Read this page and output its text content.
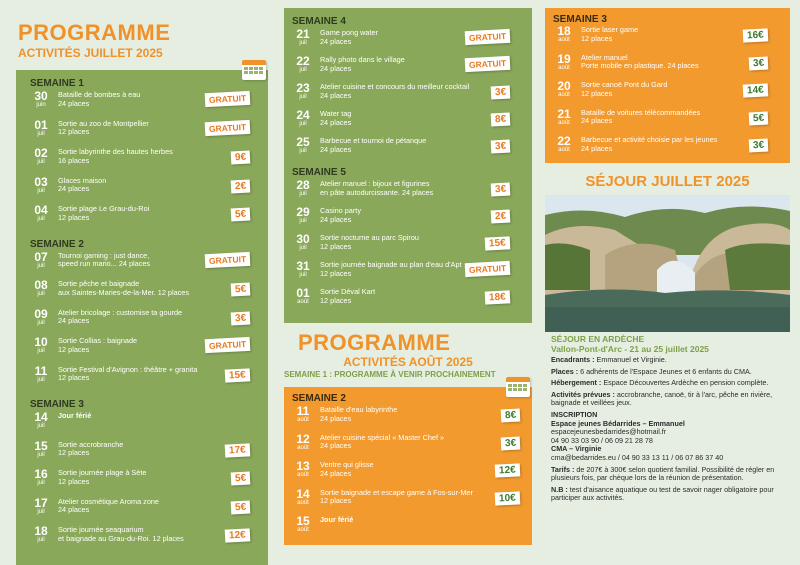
PROGRAMME
ACTIVITÉS JUILLET 2025
SEMAINE 1
30
juin
Bataille de bombes à eau
24 places	GRATUIT
01
juil
Sortie au zoo de Montpellier
12 places	GRATUIT
02
juil
Sortie labyrinthe des hautes herbes
16 places	9€
03
juil
Glaces maison
24 places	2€
04
juil
Sortie plage Le Grau-du-Roi
12 places	5€
SEMAINE 2
07
juil
Tournoi gaming : just dance,
speed run mario... 24 places	GRATUIT
08
juil
Sortie pêche et baignade
aux Saintes-Maries-de-la-Mer. 12 places	5€
09
juil
Atelier bricolage : customise ta gourde
24 places	3€
10
juil
Sortie Collias : baignade
12 places	GRATUIT
11
juil
Sortie Festival d'Avignon : théâtre + granita
12 places	15€
SEMAINE 3
14
juil
Jour férié
15
juil
Sortie accrobranche
12 places	17€
16
juil
Sortie journée plage à Sète
12 places	5€
17
juil
Atelier cosmétique Aroma zone
24 places	5€
18
juil
Sortie journée seaquarium
et baignade au Grau-du-Roi. 12 places	12€
SEMAINE 4
21
juil
Game pong water
24 places	GRATUIT
22
juil
Rally photo dans le village
24 places	GRATUIT
23
juil
Atelier cuisine et concours du meilleur cocktail
24 places	3€
24
juil
Water tag
24 places	8€
25
juil
Barbecue et tournoi de pétanque
24 places	3€
SEMAINE 5
28
juil
Atelier manuel : bijoux et figurines
en pâte autodurcissante. 24 places	3€
29
juil
Casino party
24 places	2€
30
juil
Sortie nocturne au parc Spirou
12 places	15€
31
juil
Sortie journée baignade au plan d'eau d'Apt
12 places	GRATUIT
01
août
Sortie Déval Kart
12 places	18€
PROGRAMME
ACTIVITÉS AOÛT 2025
SEMAINE 1 : PROGRAMME À VENIR PROCHAINEMENT
SEMAINE 2
11
août
Bataille d'eau labyrinthe
24 places	8€
12
août
Atelier cuisine spécial « Master Chef »
24 places	3€
13
août
Ventre qui glisse
24 places	12€
14
août
Sortie baignade et escape game à Fos-sur-Mer
12 places	10€
15
août
Jour férié
SEMAINE 3
18
août
Sortie laser game
12 places	16€
19
août
Atelier manuel
Porte mobile en plastique. 24 places	3€
20
août
Sortie canoë Pont du Gard
12 places	14€
21
août
Bataille de voitures télécommandées
24 places	5€
22
août
Barbecue et activité choisie par les jeunes
24 places	3€
SÉJOUR JUILLET 2025
SÉJOUR EN ARDÈCHE
Vallon-Pont-d'Arc - 21 au 25 juillet 2025

Encadrants : Emmanuel et Virginie.

Places : 6 adhérents de l'Espace Jeunes et 6 enfants du CMA.

Hébergement : Espace Découvertes Ardèche en pension complète.

Activités prévues : accrobranche, canoë, tir à l'arc, pêche en rivière, baignade et veillées jeux.

INSCRIPTION
Espace jeunes Bédarrides – Emmanuel
espacejeunesbedarrides@hotmail.fr
04 90 33 03 90 / 06 09 21 28 78
CMA – Virginie

cma@bedarrides.eu / 04 90 33 13 11 / 06 07 86 37 40

Tarifs : de 207€ à 300€ selon quotient familial. Possibilité de régler en plusieurs fois, par chèque lors de la réunion de présentation.

N.B : test d'aisance aquatique ou test de savoir nager obligatoire pour participer aux activités.
